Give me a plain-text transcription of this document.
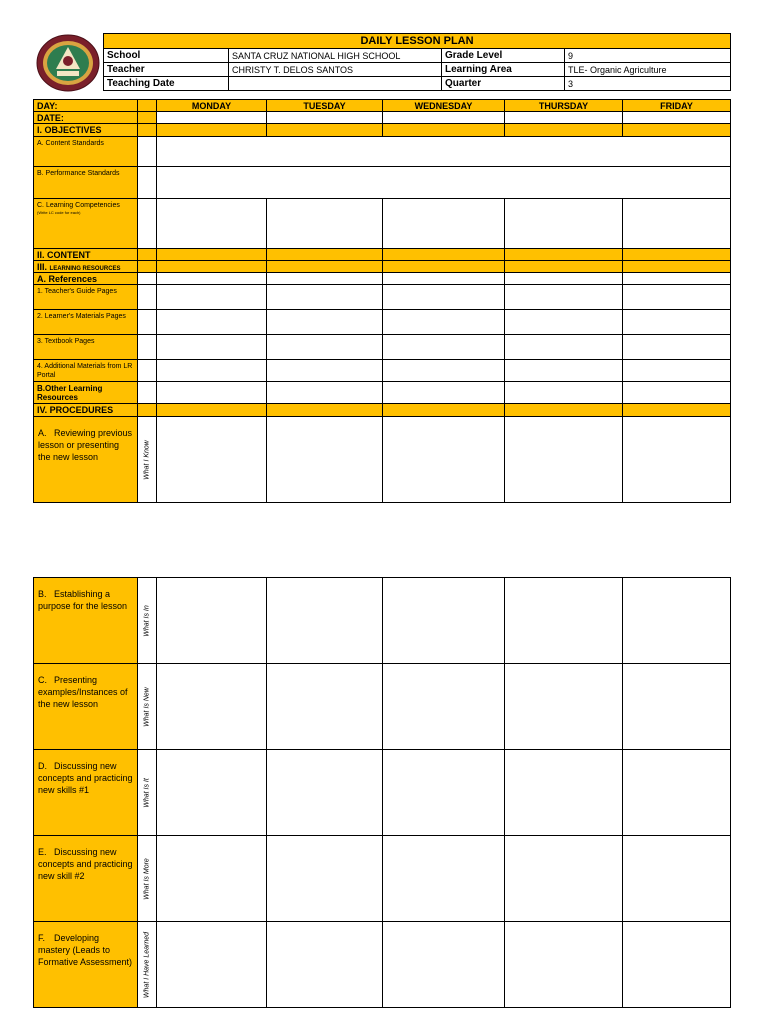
DAILY LESSON PLAN			
School	SANTA CRUZ NATIONAL HIGH SCHOOL	Grade Level	9
Teacher	CHRISTY T. DELOS SANTOS	Learning Area	TLE- Organic Agriculture
Teaching Date		Quarter	3
DAY:		MONDAY	TUESDAY	WEDNESDAY	THURSDAY	FRIDAY
DATE:						
I. OBJECTIVES						
A. Content Standards						
B. Performance Standards						
C. Learning Competencies
(Write LC code for each)						

II. CONTENT						
III. LEARNING RESOURCES						
A. References						
1. Teacher's Guide Pages						
2. Learner's Materials Pages						
3. Textbook Pages						
4. Additional Materials from LR Portal						
B.Other Learning Resources						
IV. PROCEDURES						
A. Reviewing previous lesson or presenting the new lesson	What I Know					

B. Establishing a purpose for the lesson	What Is In					

C. Presenting examples/Instances of the new lesson	What Is New					

D. Discussing new concepts and practicing new skills #1	What Is It					

E. Discussing new concepts and practicing new skill #2	What Is More					

F. Developing mastery (Leads to Formative Assessment)	What I Have Learned					
